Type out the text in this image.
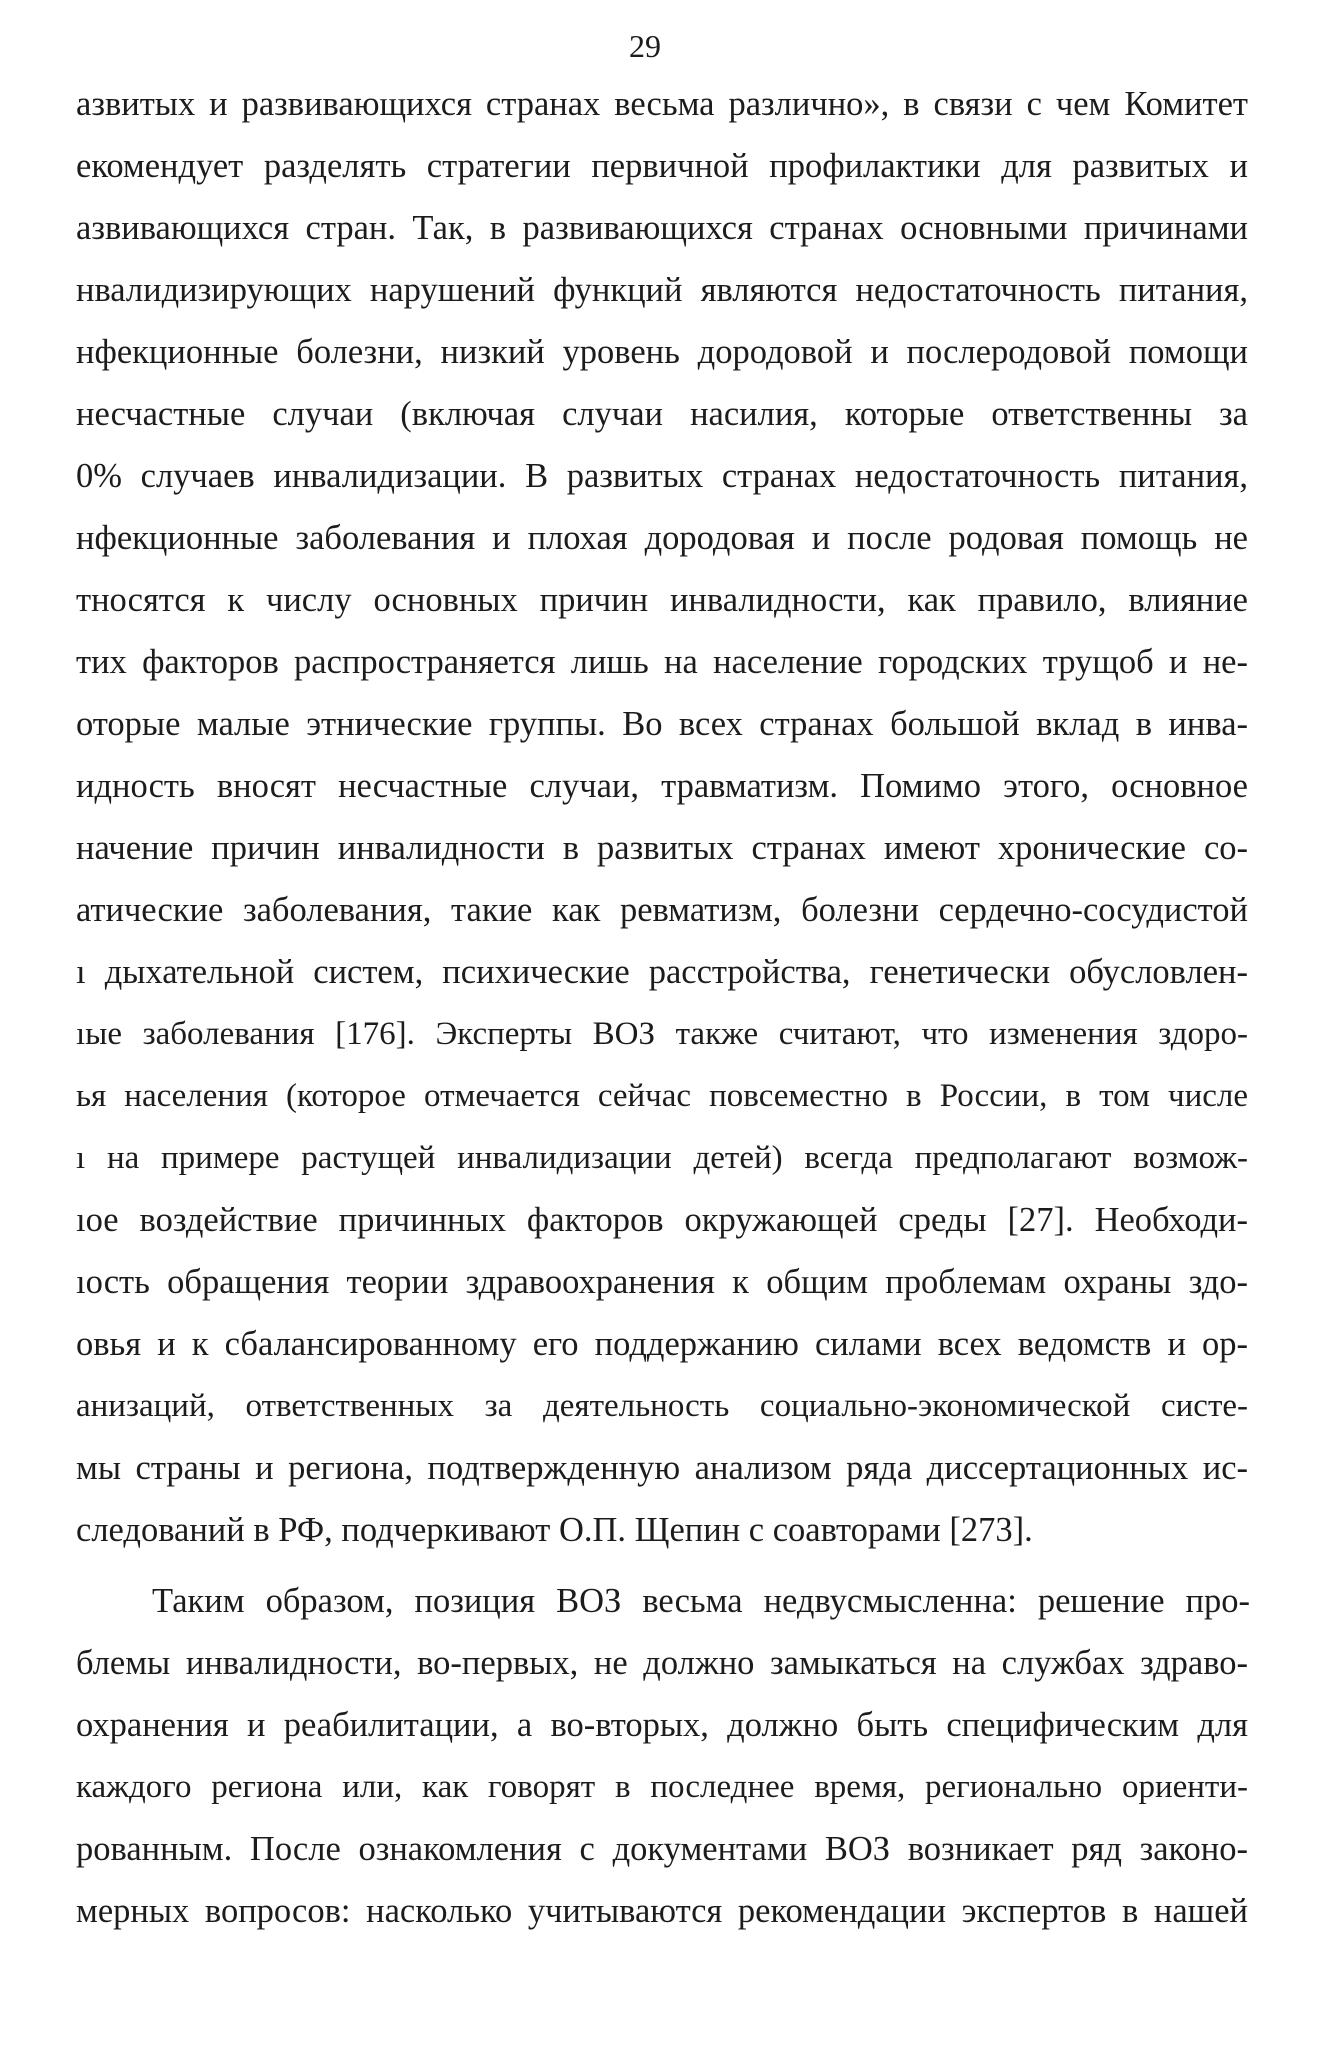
29
азвитых и развивающихся странах весьма различно», в связи с чем Комитет
екомендует разделять стратегии первичной профилактики для развитых и
азвивающихся стран. Так, в развивающихся странах основными причинами
нвалидизирующих нарушений функций являются недостаточность питания,
нфекционные болезни, низкий уровень дородовой и послеродовой помощи
несчастные случаи (включая случаи насилия, которые ответственны за
0% случаев инвалидизации. В развитых странах недостаточность питания,
нфекционные заболевания и плохая дородовая и после родовая помощь не
тносятся к числу основных причин инвалидности, как правило, влияние
тих факторов распространяется лишь на население городских трущоб и не-
оторые малые этнические группы. Во всех странах большой вклад в инва-
идность вносят несчастные случаи, травматизм. Помимо этого, основное
начение причин инвалидности в развитых странах имеют хронические со-
атические заболевания, такие как ревматизм, болезни сердечно-сосудистой
ı дыхательной систем, психические расстройства, генетически обусловлен-
ıые заболевания [176]. Эксперты ВОЗ также считают, что изменения здоро-
ья населения (которое отмечается сейчас повсеместно в России, в том числе
ı на примере растущей инвалидизации детей) всегда предполагают возмож-
ıое воздействие причинных факторов окружающей среды [27]. Необходи-
ıость обращения теории здравоохранения к общим проблемам охраны здо-
овья и к сбалансированному его поддержанию силами всех ведомств и ор-
анизаций, ответственных за деятельность социально-экономической систе-
мы страны и региона, подтвержденную анализом ряда диссертационных ис-
следований в РФ, подчеркивают О.П. Щепин с соавторами [273].
Таким образом, позиция ВОЗ весьма недвусмысленна: решение про-
блемы инвалидности, во-первых, не должно замыкаться на службах здраво-
охранения и реабилитации, а во-вторых, должно быть специфическим для
каждого региона или, как говорят в последнее время, регионально ориенти-
рованным. После ознакомления с документами ВОЗ возникает ряд законо-
мерных вопросов: насколько учитываются рекомендации экспертов в нашей
